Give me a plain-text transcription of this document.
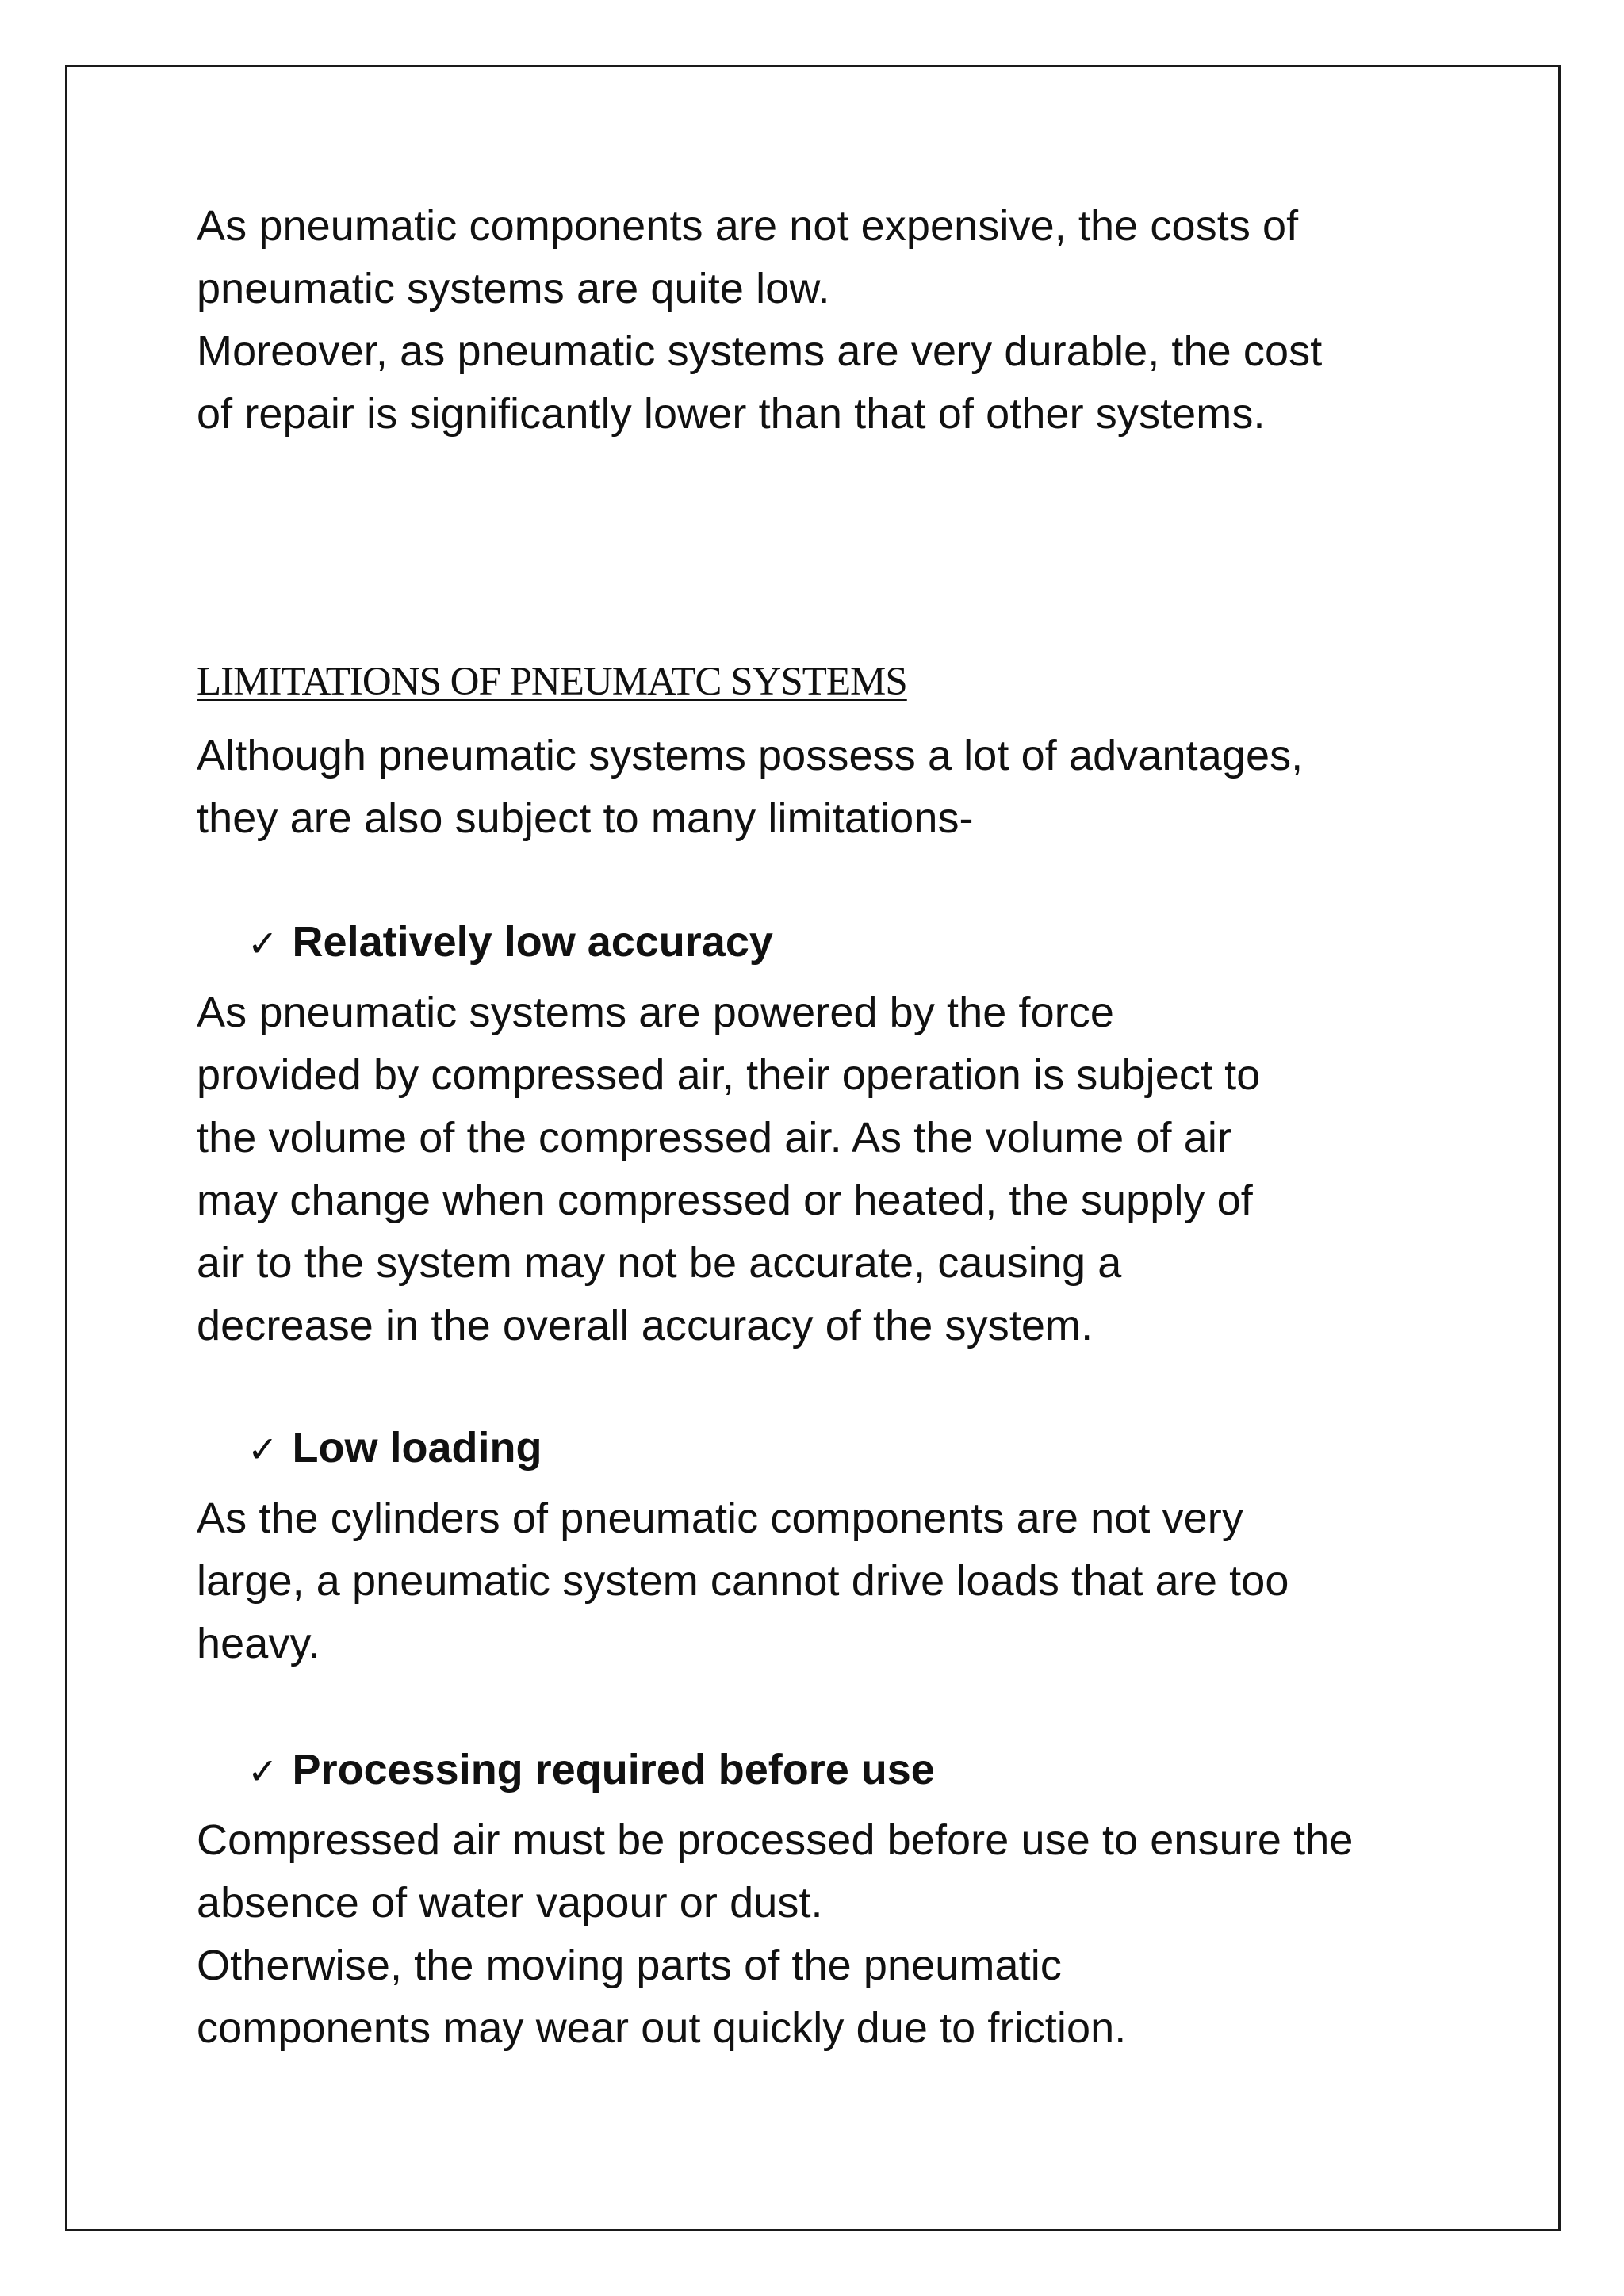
As pneumatic components are not expensive, the costs of
pneumatic systems are quite low.
Moreover, as pneumatic systems are very durable, the cost
of repair is significantly lower than that of other systems.

LIMITATIONS OF PNEUMATC SYSTEMS

Although pneumatic systems possess a lot of advantages,
they are also subject to many limitations-

✓ Relatively low accuracy

As pneumatic systems are powered by the force
provided by compressed air, their operation is subject to
the volume of the compressed air. As the volume of air
may change when compressed or heated, the supply of
air to the system may not be accurate, causing a
decrease in the overall accuracy of the system.

✓ Low loading

As the cylinders of pneumatic components are not very
large, a pneumatic system cannot drive loads that are too
heavy.

✓ Processing required before use

Compressed air must be processed before use to ensure the
absence of water vapour or dust.
Otherwise, the moving parts of the pneumatic
components may wear out quickly due to friction.
